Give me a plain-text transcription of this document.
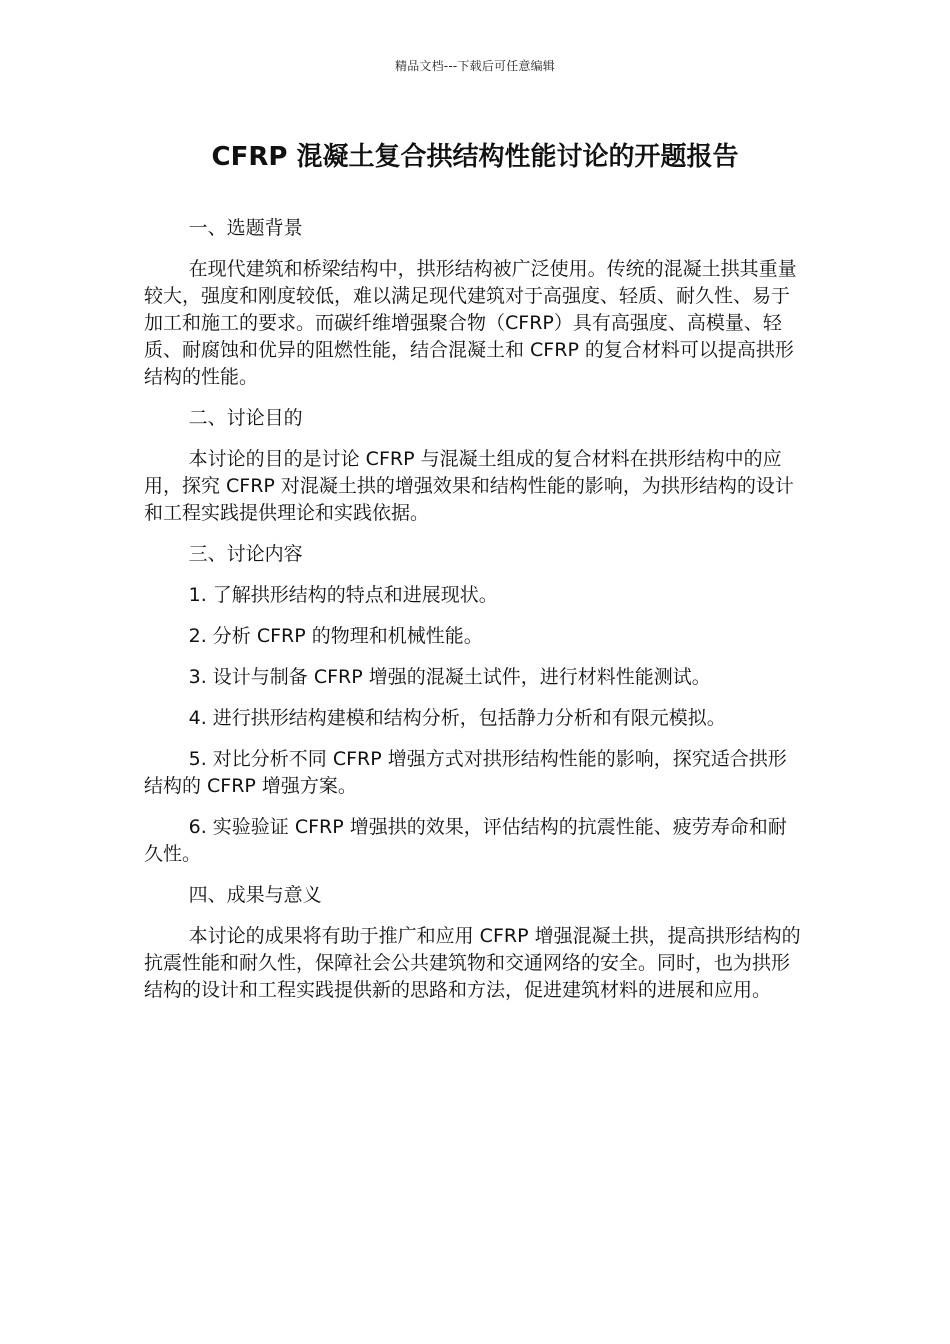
精品文档---下载后可任意编辑
CFRP 混凝土复合拱结构性能讨论的开题报告

一、选题背景

在现代建筑和桥梁结构中，拱形结构被广泛使用。传统的混凝土拱其重量较大，强度和刚度较低，难以满足现代建筑对于高强度、轻质、耐久性、易于加工和施工的要求。而碳纤维增强聚合物（CFRP）具有高强度、高模量、轻质、耐腐蚀和优异的阻燃性能，结合混凝土和 CFRP 的复合材料可以提高拱形结构的性能。

二、讨论目的

本讨论的目的是讨论 CFRP 与混凝土组成的复合材料在拱形结构中的应用，探究 CFRP 对混凝土拱的增强效果和结构性能的影响，为拱形结构的设计和工程实践提供理论和实践依据。

三、讨论内容

1. 了解拱形结构的特点和进展现状。

2. 分析 CFRP 的物理和机械性能。

3. 设计与制备 CFRP 增强的混凝土试件，进行材料性能测试。

4. 进行拱形结构建模和结构分析，包括静力分析和有限元模拟。

5. 对比分析不同 CFRP 增强方式对拱形结构性能的影响，探究适合拱形结构的 CFRP 增强方案。

6. 实验验证 CFRP 增强拱的效果，评估结构的抗震性能、疲劳寿命和耐久性。

四、成果与意义

本讨论的成果将有助于推广和应用 CFRP 增强混凝土拱，提高拱形结构的抗震性能和耐久性，保障社会公共建筑物和交通网络的安全。同时，也为拱形结构的设计和工程实践提供新的思路和方法，促进建筑材料的进展和应用。
